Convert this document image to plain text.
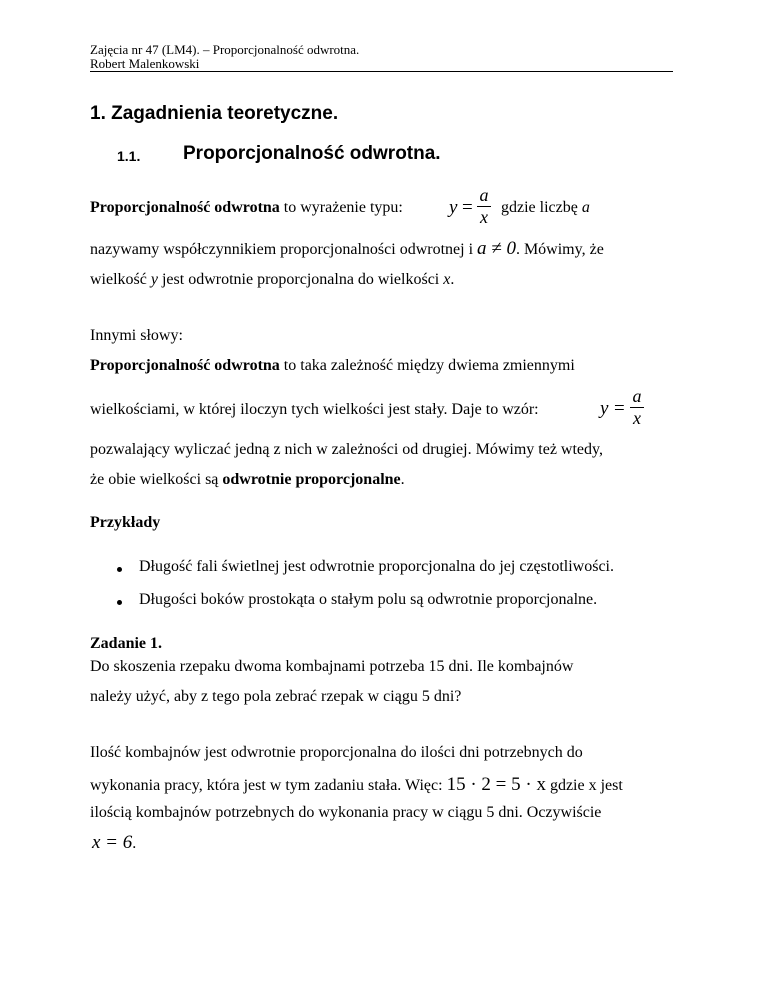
Zajęcia nr 47 (LM4). – Proporcjonalność odwrotna.
Robert Malenkowski
1. Zagadnienia teoretyczne.
1.1. Proporcjonalność odwrotna.
Proporcjonalność odwrotna to wyrażenie typu: y =
a
x gdzie liczbę a
nazywamy współczynnikiem proporcjonalności odwrotnej i a ≠ 0. Mówimy, że
wielkość y jest odwrotnie proporcjonalna do wielkości x.
Innymi słowy:
Proporcjonalność odwrotna to taka zależność między dwiema zmiennymi
wielkościami, w której iloczyn tych wielkości jest stały. Daje to wzór:	y =
a
x
pozwalający wyliczać jedną z nich w zależności od drugiej. Mówimy też wtedy,
że obie wielkości są odwrotnie proporcjonalne.
Przykłady
Długość fali świetlnej jest odwrotnie proporcjonalna do jej częstotliwości.
Długości boków prostokąta o stałym polu są odwrotnie proporcjonalne.
Zadanie 1.
Do skoszenia rzepaku dwoma kombajnami potrzeba 15 dni. Ile kombajnów
należy użyć, aby z tego pola zebrać rzepak w ciągu 5 dni?
Ilość kombajnów jest odwrotnie proporcjonalna do ilości dni potrzebnych do
wykonania pracy, która jest w tym zadaniu stała. Więc: 15 · 2 = 5 · x gdzie x jest
ilością kombajnów potrzebnych do wykonania pracy w ciągu 5 dni. Oczywiście
x = 6.
